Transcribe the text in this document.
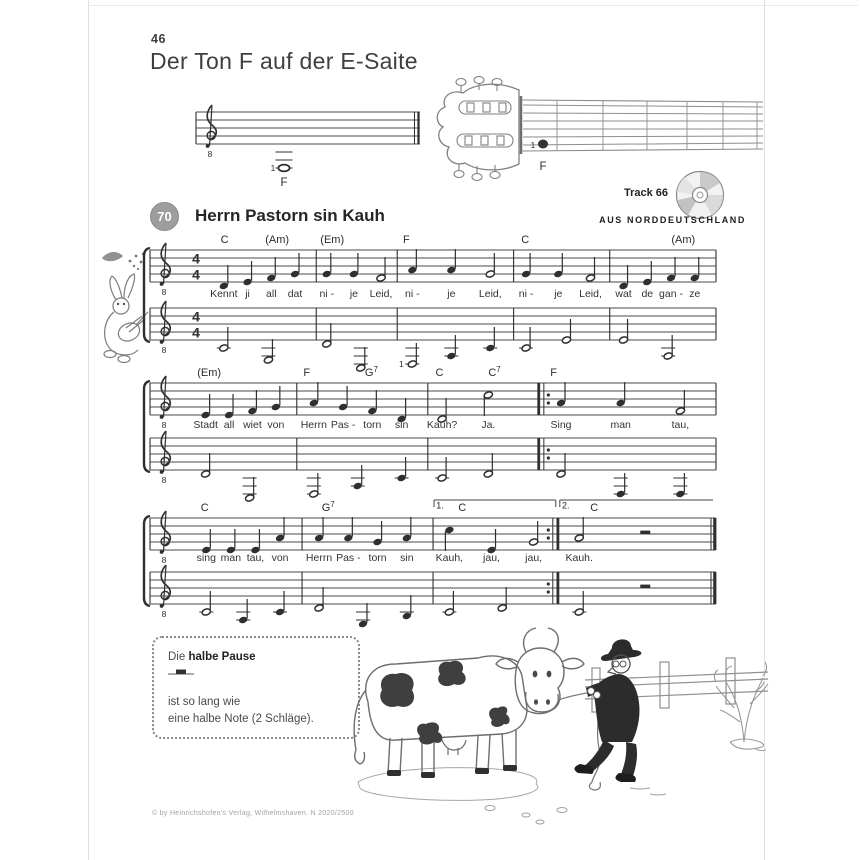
46
Der Ton F auf der E-Saite
1
F
Track 66
AUS NORDDEUTSCHLAND
70	Herrn Pastorn sin Kauh
8
1
F
8
4
4
C	(Am)
Kennt ji all dat
(Em)
ni - je Leid,
F
ni -	je Leid,
C
ni - je Leid,
(Am)
wat de gan - ze
8
4
4
1
8
(Em)
Stadt all wiet von
F	$G^7$
Herrn Pas - torn sin
C	$C^7$
Kauh? Ja.
F
Sing	man	tau,
8
8
C
sing man tau, von
$G^7$
Herrn Pas - torn sin
C
Kauh, jau, jau,
1.	C
Kauh.
2.
8
Die halbe Pause

ist so lang wie
eine halbe Note (2 Schläge).
© by Heinrichshofen's Verlag, Wilhelmshaven. N 2020/2500
